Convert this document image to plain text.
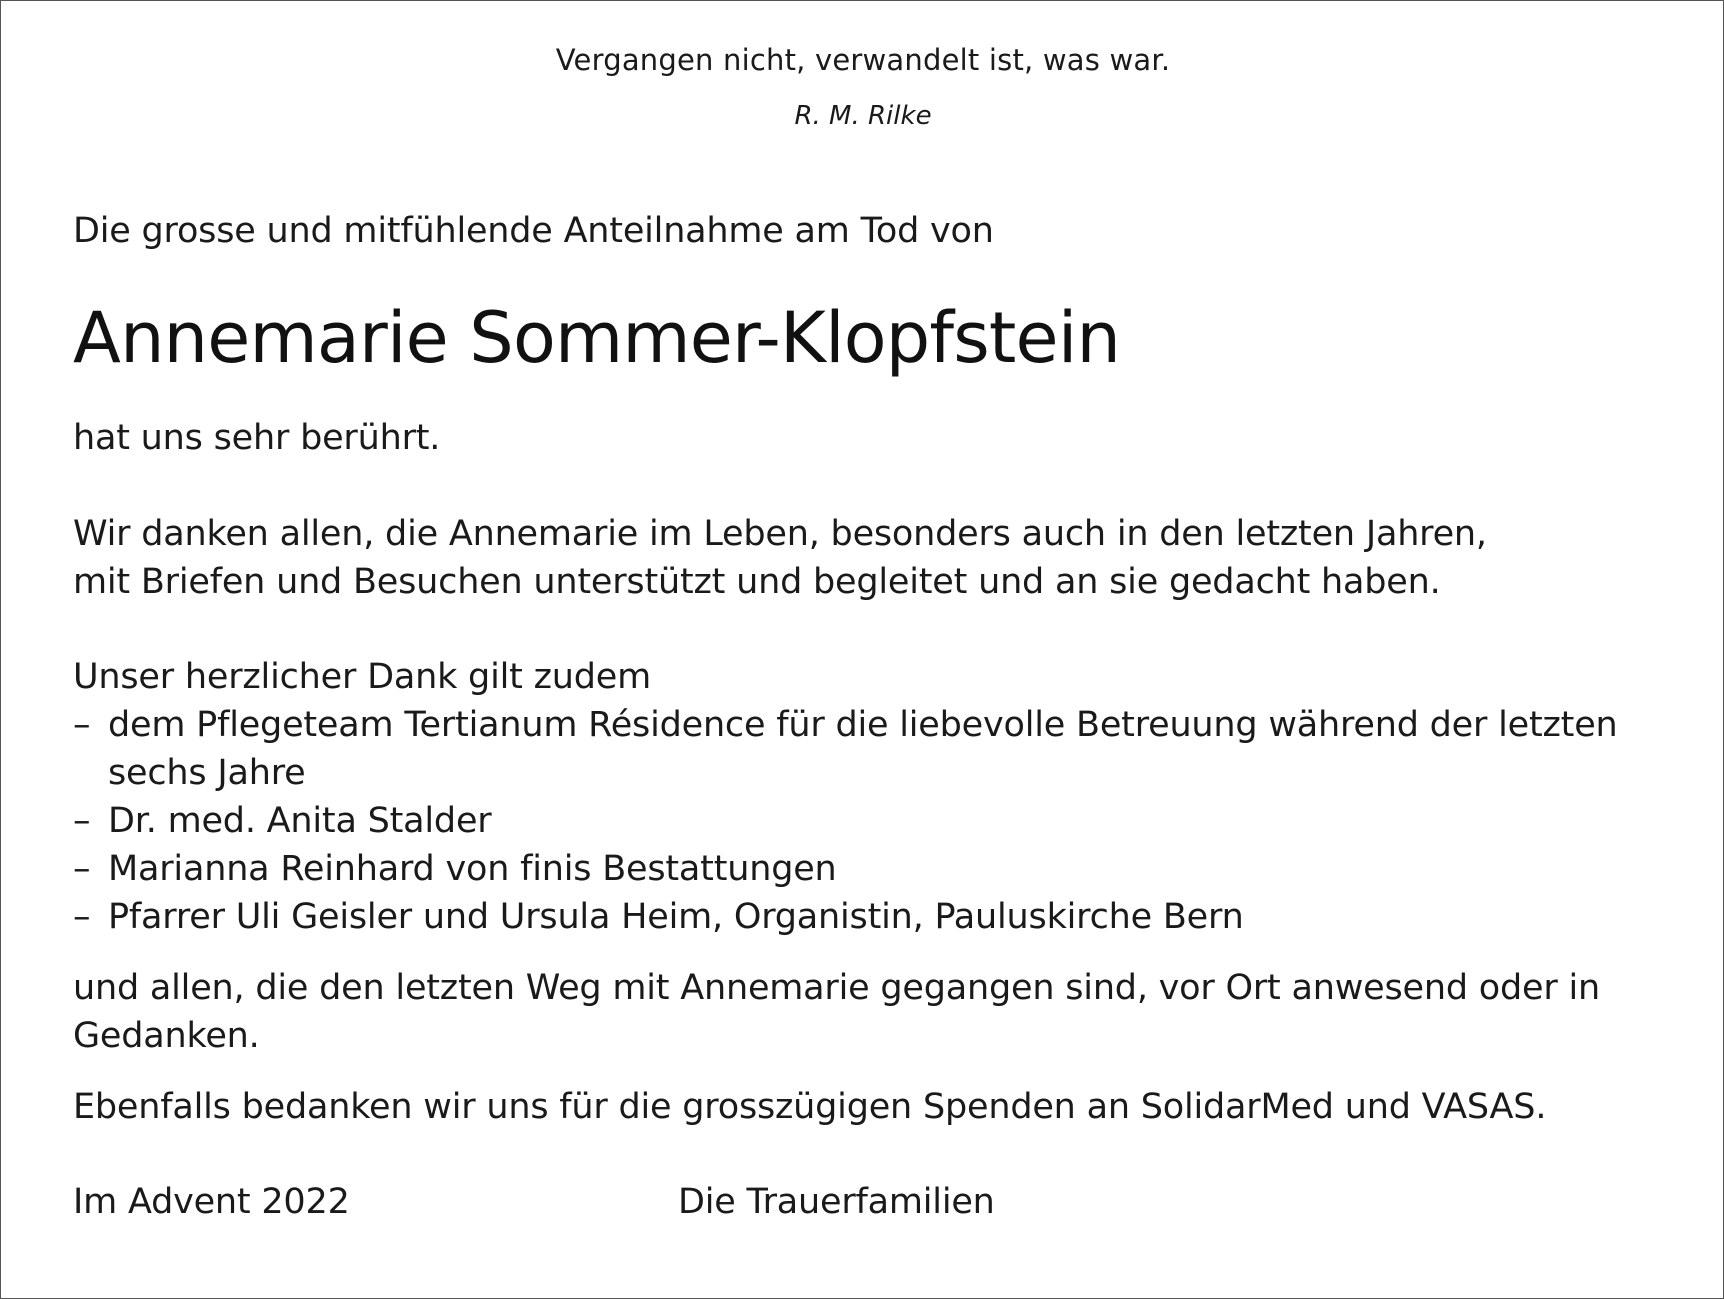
Vergangen nicht, verwandelt ist, was war.
R. M. Rilke
Die grosse und mitfühlende Anteilnahme am Tod von
Annemarie Sommer-Klopfstein
hat uns sehr berührt.
Wir danken allen, die Annemarie im Leben, besonders auch in den letzten Jahren,
mit Briefen und Besuchen unterstützt und begleitet und an sie gedacht haben.
Unser herzlicher Dank gilt zudem
– dem Pflegeteam Tertianum Résidence für die liebevolle Betreuung während der letzten
sechs Jahre
– Dr. med. Anita Stalder
– Marianna Reinhard von finis Bestattungen
– Pfarrer Uli Geisler und Ursula Heim, Organistin, Pauluskirche Bern
und allen, die den letzten Weg mit Annemarie gegangen sind, vor Ort anwesend oder in
Gedanken.
Ebenfalls bedanken wir uns für die grosszügigen Spenden an SolidarMed und VASAS.
Im Advent 2022	Die Trauerfamilien
